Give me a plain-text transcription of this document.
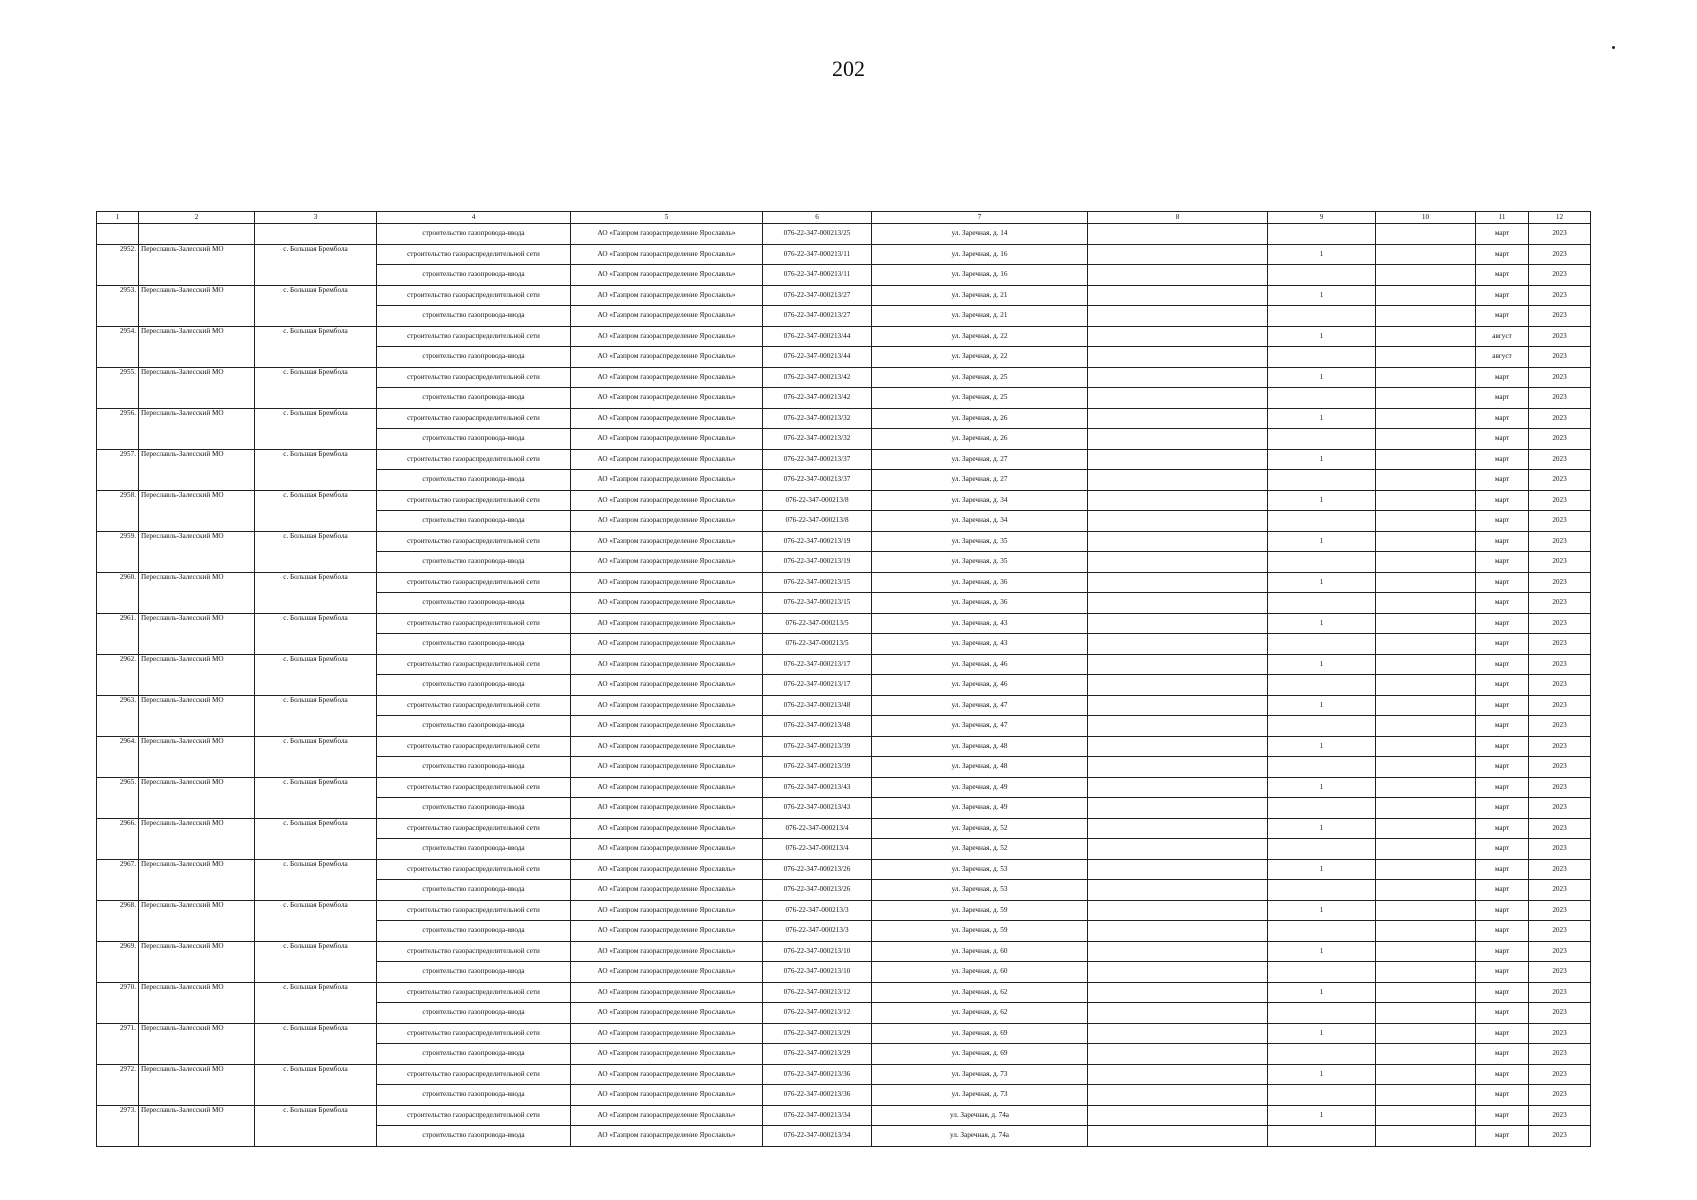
202
1	2	3	4	5	6	7	8	9	10	11	12
			строительство газопровода-ввода	АО «Газпром газораспределение Ярославль»	076-22-347-000213/25	ул. Заречная, д. 14				март	2023
2952.	Переславль-Залесский МО	с. Большая Брембола	строительство газораспределительной сети	АО «Газпром газораспределение Ярославль»	076-22-347-000213/11	ул. Заречная, д. 16		1		март	2023
			строительство газопровода-ввода	АО «Газпром газораспределение Ярославль»	076-22-347-000213/11	ул. Заречная, д. 16				март	2023
2953.	Переславль-Залесский МО	с. Большая Брембола	строительство газораспределительной сети	АО «Газпром газораспределение Ярославль»	076-22-347-000213/27	ул. Заречная, д. 21		1		март	2023
			строительство газопровода-ввода	АО «Газпром газораспределение Ярославль»	076-22-347-000213/27	ул. Заречная, д. 21				март	2023
2954.	Переславль-Залесский МО	с. Большая Брембола	строительство газораспределительной сети	АО «Газпром газораспределение Ярославль»	076-22-347-000213/44	ул. Заречная, д. 22		1		август	2023
			строительство газопровода-ввода	АО «Газпром газораспределение Ярославль»	076-22-347-000213/44	ул. Заречная, д. 22				август	2023
2955.	Переславль-Залесский МО	с. Большая Брембола	строительство газораспределительной сети	АО «Газпром газораспределение Ярославль»	076-22-347-000213/42	ул. Заречная, д. 25		1		март	2023
			строительство газопровода-ввода	АО «Газпром газораспределение Ярославль»	076-22-347-000213/42	ул. Заречная, д. 25				март	2023
2956.	Переславль-Залесский МО	с. Большая Брембола	строительство газораспределительной сети	АО «Газпром газораспределение Ярославль»	076-22-347-000213/32	ул. Заречная, д. 26		1		март	2023
			строительство газопровода-ввода	АО «Газпром газораспределение Ярославль»	076-22-347-000213/32	ул. Заречная, д. 26				март	2023
2957.	Переславль-Залесский МО	с. Большая Брембола	строительство газораспределительной сети	АО «Газпром газораспределение Ярославль»	076-22-347-000213/37	ул. Заречная, д. 27		1		март	2023
			строительство газопровода-ввода	АО «Газпром газораспределение Ярославль»	076-22-347-000213/37	ул. Заречная, д. 27				март	2023
2958.	Переславль-Залесский МО	с. Большая Брембола	строительство газораспределительной сети	АО «Газпром газораспределение Ярославль»	076-22-347-000213/8	ул. Заречная, д. 34		1		март	2023
			строительство газопровода-ввода	АО «Газпром газораспределение Ярославль»	076-22-347-000213/8	ул. Заречная, д. 34				март	2023
2959.	Переславль-Залесский МО	с. Большая Брембола	строительство газораспределительной сети	АО «Газпром газораспределение Ярославль»	076-22-347-000213/19	ул. Заречная, д. 35		1		март	2023
			строительство газопровода-ввода	АО «Газпром газораспределение Ярославль»	076-22-347-000213/19	ул. Заречная, д. 35				март	2023
2960.	Переславль-Залесский МО	с. Большая Брембола	строительство газораспределительной сети	АО «Газпром газораспределение Ярославль»	076-22-347-000213/15	ул. Заречная, д. 36		1		март	2023
			строительство газопровода-ввода	АО «Газпром газораспределение Ярославль»	076-22-347-000213/15	ул. Заречная, д. 36				март	2023
2961.	Переславль-Залесский МО	с. Большая Брембола	строительство газораспределительной сети	АО «Газпром газораспределение Ярославль»	076-22-347-000213/5	ул. Заречная, д. 43		1		март	2023
			строительство газопровода-ввода	АО «Газпром газораспределение Ярославль»	076-22-347-000213/5	ул. Заречная, д. 43				март	2023
2962.	Переславль-Залесский МО	с. Большая Брембола	строительство газораспределительной сети	АО «Газпром газораспределение Ярославль»	076-22-347-000213/17	ул. Заречная, д. 46		1		март	2023
			строительство газопровода-ввода	АО «Газпром газораспределение Ярославль»	076-22-347-000213/17	ул. Заречная, д. 46				март	2023
2963.	Переславль-Залесский МО	с. Большая Брембола	строительство газораспределительной сети	АО «Газпром газораспределение Ярославль»	076-22-347-000213/48	ул. Заречная, д. 47		1		март	2023
			строительство газопровода-ввода	АО «Газпром газораспределение Ярославль»	076-22-347-000213/48	ул. Заречная, д. 47				март	2023
2964.	Переславль-Залесский МО	с. Большая Брембола	строительство газораспределительной сети	АО «Газпром газораспределение Ярославль»	076-22-347-000213/39	ул. Заречная, д. 48		1		март	2023
			строительство газопровода-ввода	АО «Газпром газораспределение Ярославль»	076-22-347-000213/39	ул. Заречная, д. 48				март	2023
2965.	Переславль-Залесский МО	с. Большая Брембола	строительство газораспределительной сети	АО «Газпром газораспределение Ярославль»	076-22-347-000213/43	ул. Заречная, д. 49		1		март	2023
			строительство газопровода-ввода	АО «Газпром газораспределение Ярославль»	076-22-347-000213/43	ул. Заречная, д. 49				март	2023
2966.	Переславль-Залесский МО	с. Большая Брембола	строительство газораспределительной сети	АО «Газпром газораспределение Ярославль»	076-22-347-000213/4	ул. Заречная, д. 52		1		март	2023
			строительство газопровода-ввода	АО «Газпром газораспределение Ярославль»	076-22-347-000213/4	ул. Заречная, д. 52				март	2023
2967.	Переславль-Залесский МО	с. Большая Брембола	строительство газораспределительной сети	АО «Газпром газораспределение Ярославль»	076-22-347-000213/26	ул. Заречная, д. 53		1		март	2023
			строительство газопровода-ввода	АО «Газпром газораспределение Ярославль»	076-22-347-000213/26	ул. Заречная, д. 53				март	2023
2968.	Переславль-Залесский МО	с. Большая Брембола	строительство газораспределительной сети	АО «Газпром газораспределение Ярославль»	076-22-347-000213/3	ул. Заречная, д. 59		1		март	2023
			строительство газопровода-ввода	АО «Газпром газораспределение Ярославль»	076-22-347-000213/3	ул. Заречная, д. 59				март	2023
2969.	Переславль-Залесский МО	с. Большая Брембола	строительство газораспределительной сети	АО «Газпром газораспределение Ярославль»	076-22-347-000213/10	ул. Заречная, д. 60		1		март	2023
			строительство газопровода-ввода	АО «Газпром газораспределение Ярославль»	076-22-347-000213/10	ул. Заречная, д. 60				март	2023
2970.	Переславль-Залесский МО	с. Большая Брембола	строительство газораспределительной сети	АО «Газпром газораспределение Ярославль»	076-22-347-000213/12	ул. Заречная, д. 62		1		март	2023
			строительство газопровода-ввода	АО «Газпром газораспределение Ярославль»	076-22-347-000213/12	ул. Заречная, д. 62				март	2023
2971.	Переславль-Залесский МО	с. Большая Брембола	строительство газораспределительной сети	АО «Газпром газораспределение Ярославль»	076-22-347-000213/29	ул. Заречная, д. 69		1		март	2023
			строительство газопровода-ввода	АО «Газпром газораспределение Ярославль»	076-22-347-000213/29	ул. Заречная, д. 69				март	2023
2972.	Переславль-Залесский МО	с. Большая Брембола	строительство газораспределительной сети	АО «Газпром газораспределение Ярославль»	076-22-347-000213/36	ул. Заречная, д. 73		1		март	2023
			строительство газопровода-ввода	АО «Газпром газораспределение Ярославль»	076-22-347-000213/36	ул. Заречная, д. 73				март	2023
2973.	Переславль-Залесский МО	с. Большая Брембола	строительство газораспределительной сети	АО «Газпром газораспределение Ярославль»	076-22-347-000213/34	ул. Заречная, д. 74а		1		март	2023
			строительство газопровода-ввода	АО «Газпром газораспределение Ярославль»	076-22-347-000213/34	ул. Заречная, д. 74а				март	2023
